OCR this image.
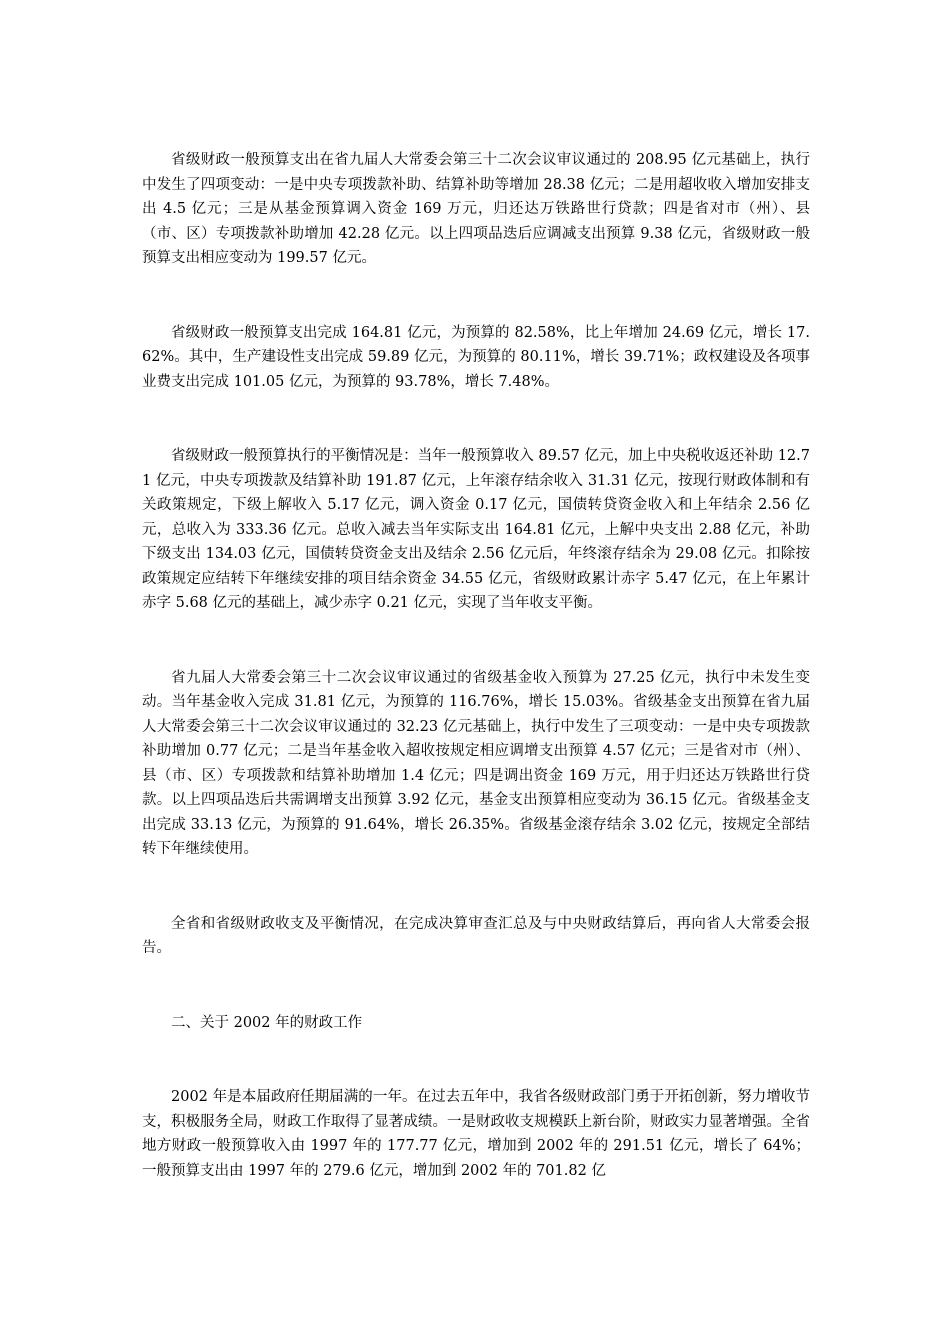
省级财政一般预算支出在省九届人大常委会第三十二次会议审议通过的 208.95 亿元基础上，执行中发生了四项变动：一是中央专项拨款补助、结算补助等增加 28.38 亿元；二是用超收收入增加安排支出 4.5 亿元；三是从基金预算调入资金 169 万元，归还达万铁路世行贷款；四是省对市（州）、县（市、区）专项拨款补助增加 42.28 亿元。以上四项品迭后应调减支出预算 9.38 亿元，省级财政一般预算支出相应变动为 199.57 亿元。

省级财政一般预算支出完成 164.81 亿元，为预算的 82.58%，比上年增加 24.69 亿元，增长 17.62%。其中，生产建设性支出完成 59.89 亿元，为预算的 80.11%，增长 39.71%；政权建设及各项事业费支出完成 101.05 亿元，为预算的 93.78%，增长 7.48%。

省级财政一般预算执行的平衡情况是：当年一般预算收入 89.57 亿元，加上中央税收返还补助 12.71 亿元，中央专项拨款及结算补助 191.87 亿元，上年滚存结余收入 31.31 亿元，按现行财政体制和有关政策规定，下级上解收入 5.17 亿元，调入资金 0.17 亿元，国债转贷资金收入和上年结余 2.56 亿元，总收入为 333.36 亿元。总收入减去当年实际支出 164.81 亿元，上解中央支出 2.88 亿元，补助下级支出 134.03 亿元，国债转贷资金支出及结余 2.56 亿元后，年终滚存结余为 29.08 亿元。扣除按政策规定应结转下年继续安排的项目结余资金 34.55 亿元，省级财政累计赤字 5.47 亿元，在上年累计赤字 5.68 亿元的基础上，减少赤字 0.21 亿元，实现了当年收支平衡。

省九届人大常委会第三十二次会议审议通过的省级基金收入预算为 27.25 亿元，执行中未发生变动。当年基金收入完成 31.81 亿元，为预算的 116.76%，增长 15.03%。省级基金支出预算在省九届人大常委会第三十二次会议审议通过的 32.23 亿元基础上，执行中发生了三项变动：一是中央专项拨款补助增加 0.77 亿元；二是当年基金收入超收按规定相应调增支出预算 4.57 亿元；三是省对市（州）、县（市、区）专项拨款和结算补助增加 1.4 亿元；四是调出资金 169 万元，用于归还达万铁路世行贷款。以上四项品迭后共需调增支出预算 3.92 亿元，基金支出预算相应变动为 36.15 亿元。省级基金支出完成 33.13 亿元，为预算的 91.64%，增长 26.35%。省级基金滚存结余 3.02 亿元，按规定全部结转下年继续使用。

全省和省级财政收支及平衡情况，在完成决算审查汇总及与中央财政结算后，再向省人大常委会报告。

二、关于 2002 年的财政工作

2002 年是本届政府任期届满的一年。在过去五年中，我省各级财政部门勇于开拓创新，努力增收节支，积极服务全局，财政工作取得了显著成绩。一是财政收支规模跃上新台阶，财政实力显著增强。全省地方财政一般预算收入由 1997 年的 177.77 亿元，增加到 2002 年的 291.51 亿元，增长了 64%；一般预算支出由 1997 年的 279.6 亿元，增加到 2002 年的 701.82 亿
